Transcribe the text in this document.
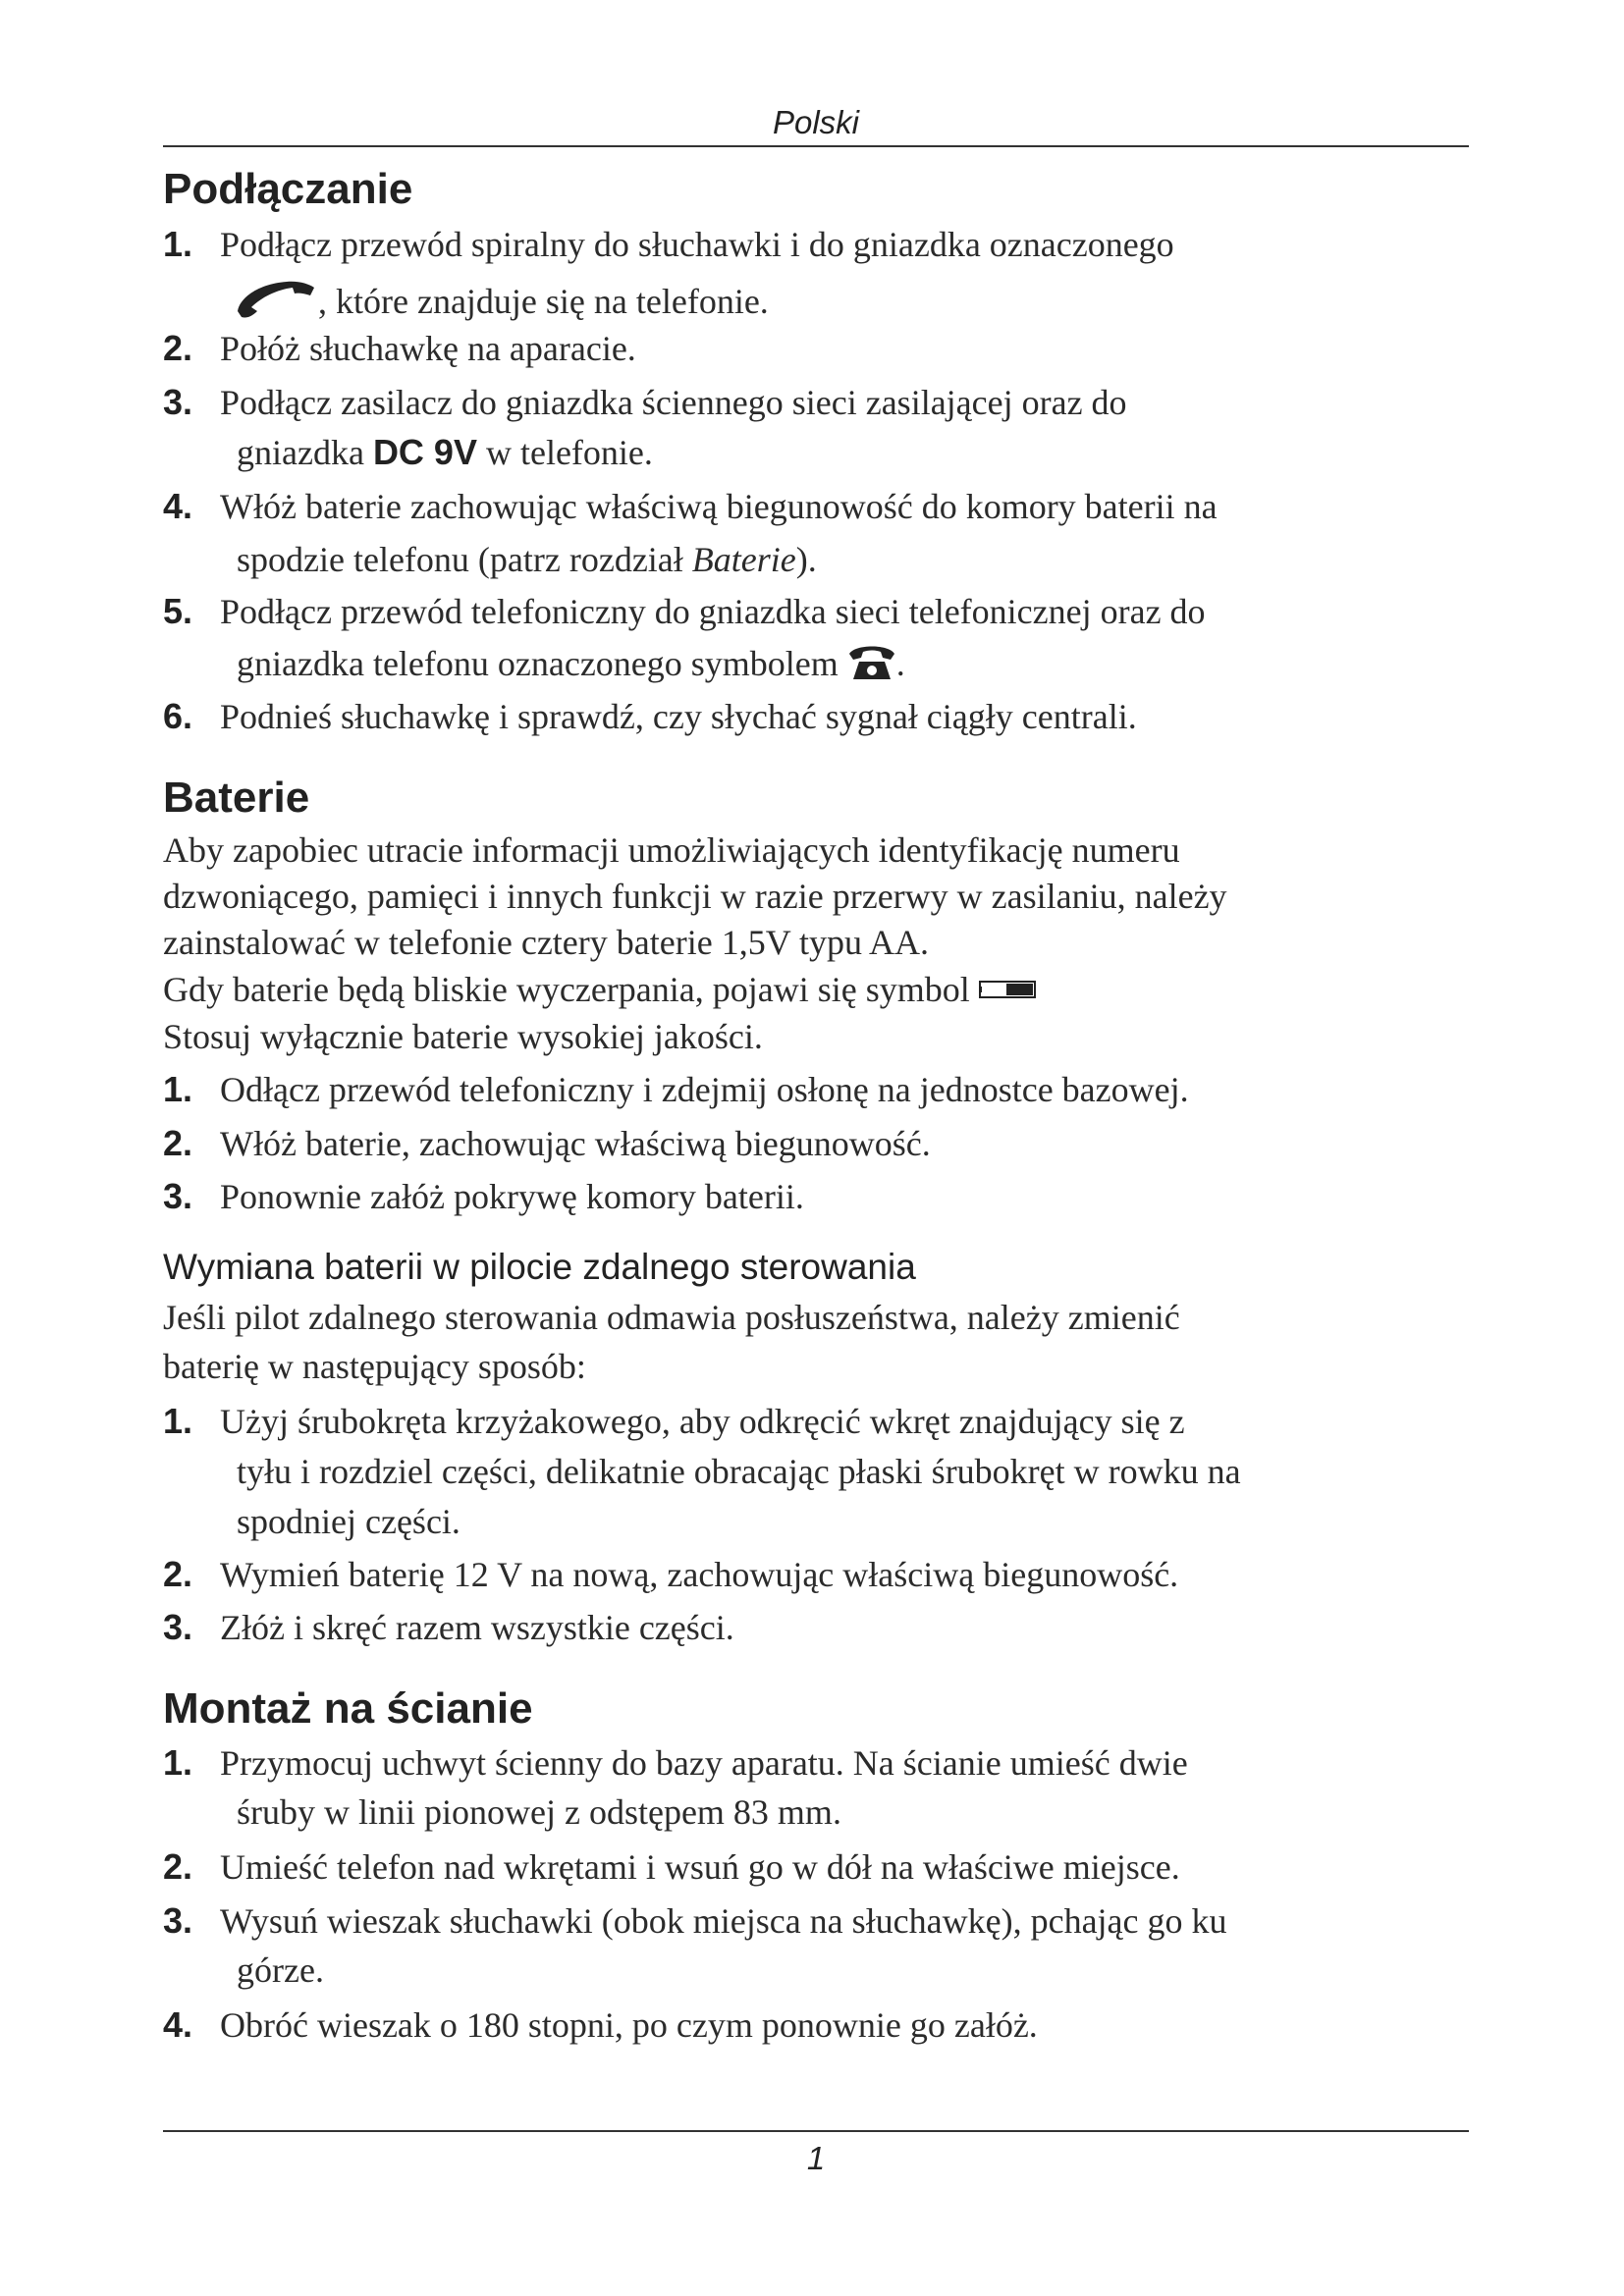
Polski
Podłączanie
1. Podłącz przewód spiralny do słuchawki i do gniazdka oznaczonego
, które znajduje się na telefonie.
2. Połóż słuchawkę na aparacie.
3. Podłącz zasilacz do gniazdka ściennego sieci zasilającej oraz do
gniazdka DC 9V w telefonie.
4. Włóż baterie zachowując właściwą biegunowość do komory baterii na
spodzie telefonu (patrz rozdział Baterie).
5. Podłącz przewód telefoniczny do gniazdka sieci telefonicznej oraz do
gniazdka telefonu oznaczonego symbolem .
6. Podnieś słuchawkę i sprawdź, czy słychać sygnał ciągły centrali.
Baterie
Aby zapobiec utracie informacji umożliwiających identyfikację numeru
dzwoniącego, pamięci i innych funkcji w razie przerwy w zasilaniu, należy
zainstalować w telefonie cztery baterie 1,5V typu AA.
Gdy baterie będą bliskie wyczerpania, pojawi się symbol
Stosuj wyłącznie baterie wysokiej jakości.
1. Odłącz przewód telefoniczny i zdejmij osłonę na jednostce bazowej.
2. Włóż baterie, zachowując właściwą biegunowość.
3. Ponownie załóż pokrywę komory baterii.
Wymiana baterii w pilocie zdalnego sterowania
Jeśli pilot zdalnego sterowania odmawia posłuszeństwa, należy zmienić
baterię w następujący sposób:
1. Użyj śrubokręta krzyżakowego, aby odkręcić wkręt znajdujący się z
tyłu i rozdziel części, delikatnie obracając płaski śrubokręt w rowku na
spodniej części.
2. Wymień baterię 12 V na nową, zachowując właściwą biegunowość.
3. Złóż i skręć razem wszystkie części.
Montaż na ścianie
1. Przymocuj uchwyt ścienny do bazy aparatu. Na ścianie umieść dwie
śruby w linii pionowej z odstępem 83 mm.
2. Umieść telefon nad wkrętami i wsuń go w dół na właściwe miejsce.
3. Wysuń wieszak słuchawki (obok miejsca na słuchawkę), pchając go ku
górze.
4. Obróć wieszak o 180 stopni, po czym ponownie go załóż.
1
